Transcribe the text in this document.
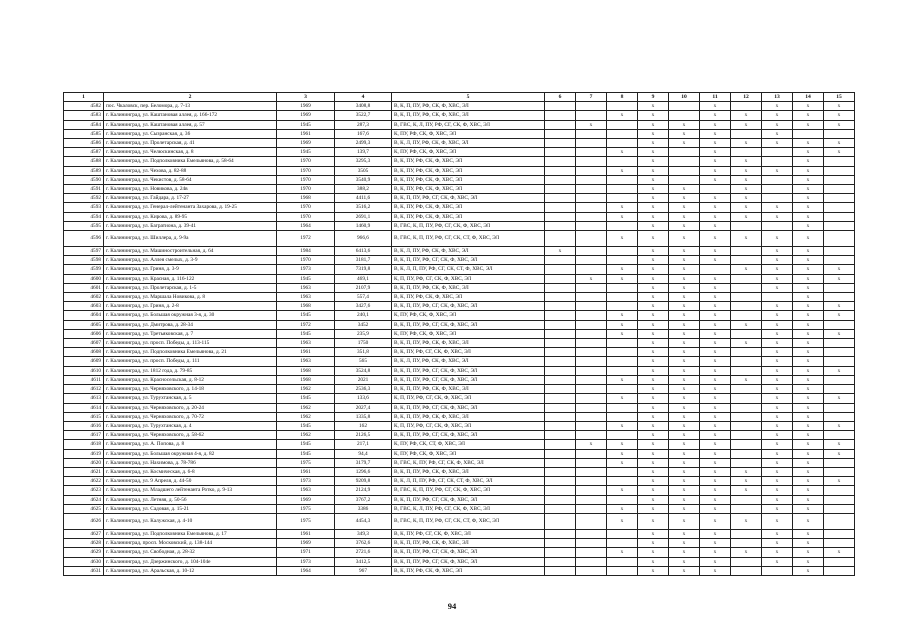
1	2	3	4	5	6	7	8	9	10	11	12	13	14	15
4582	пос. Чкаловск, пер. Беломора, д. 7-13	1969	3408,8	В, К, П, ПУ, РФ, СК, Ф, ХВС, ЭЛ				x		x		x	x	x
4583	г. Калининград, ул. Каштановая аллея, д. 166-172	1969	3522,7	В, К, П, ПУ, РФ, СК, Ф, ХВС, ЭЛ			x	x		x	x	x	x	x
4584	г. Калининград, ул. Каштановая аллея, д. 57	1945	287,3	В, ГВС, К, Л, ПУ, РФ, СГ, СК, Ф, ХВС, ЭЛ		x		x	x	x	x	x	x	x
4585	г. Калининград, ул. Сызранская, д. 36	1961	167,6	К, ПУ, РФ, СК, Ф, ХВС, ЭЛ				x	x	x		x		
4586	г. Калининград, ул. Пролетарская, д. 41	1969	2499,3	В, К, Л, ПУ, РФ, СК, Ф, ХВС, ЭЛ				x	x	x	x	x	x	x
4587	г. Калининград, ул. Челюскинская, д. 8	1945	139,7	К, ПУ, РФ, СК, Ф, ХВС, ЭЛ			x	x		x			x	x
4588	г. Калининград, ул. Подполковника Емельянова, д. 58-64	1970	3295,3	В, К, ПУ, РФ, СК, Ф, ХВС, ЭЛ				x		x	x		x	
4589	г. Калининград, ул. Чехова, д. 82-88	1970	3505	В, К, ПУ, РФ, СК, Ф, ХВС, ЭЛ			x	x		x	x	x	x	
4590	г. Калининград, ул. Чекистов, д. 58-64	1970	3540,9	В, К, ПУ, РФ, СК, Ф, ХВС, ЭЛ				x		x	x		x	
4591	г. Калининград, ул. Новикова, д. 24в	1970	388,2	В, К, ПУ, РФ, СК, Ф, ХВС, ЭЛ				x	x		x		x	
4592	г. Калининград, ул. Гайдара, д. 17-27	1968	4411,6	В, К, П, ПУ, РФ, СГ, СК, Ф, ХВС, ЭЛ				x	x	x	x		x	
4593	г. Калининград, ул. Генерал-лейтенанта Захарова, д. 19-25	1970	3516,2	В, К, ПУ, РФ, СК, Ф, ХВС, ЭЛ			x	x	x	x	x	x	x	
4594	г. Калининград, ул. Кирова, д. 89-95	1970	2691,1	В, К, ПУ, РФ, СК, Ф, ХВС, ЭЛ			x	x	x	x	x	x	x	
4595	г. Калининград, ул. Багратиона, д. 39-41	1964	1460,9	В, ГВС, К, П, ПУ, РФ, СГ, СК, Ф, ХВС, ЭЛ				x	x	x			x	
4596	г. Калининград, ул. Шиллера, д. 9-9а	1972	966,6	В, ГВС, К, П, ПУ, РФ, СГ, СК, СТ, Ф, ХВС, ЭЛ			x	x	x	x	x	x	x	
4597	г. Калининград, ул. Машиностроительная, д. 64	1984	6413,6	В, К, Л, ПУ, РФ, СК, Ф, ХВС, ЭЛ	x			x	x	x		x	x	
4598	г. Калининград, ул. Аллея смелых, д. 3-9	1970	3181,7	В, К, П, ПУ, РФ, СГ, СК, Ф, ХВС, ЭЛ				x	x	x		x	x	
4599	г. Калининград, ул. Гриня, д. 3-9	1973	7319,8	В, К, Л, П, ПУ, РФ, СГ, СК, СТ, Ф, ХВС, ЭЛ			x	x	x		x	x	x	x
4600	г. Калининград, ул. Красная, д. 116-122	1945	469,1	К, П, ПУ, РФ, СГ, СК, Ф, ХВС, ЭЛ		x	x	x	x	x		x	x	x
4601	г. Калининград, ул. Пролетарская, д. 1-5	1963	2107,9	В, К, П, ПУ, РФ, СК, Ф, ХВС, ЭЛ				x	x	x		x	x	
4602	г. Калининград, ул. Маршала Новикова, д. 8	1963	557,4	В, К, ПУ, РФ, СК, Ф, ХВС, ЭЛ				x	x	x			x	
4603	г. Калининград, ул. Гриня, д. 2-8	1968	3427,6	В, К, П, ПУ, РФ, СГ, СК, Ф, ХВС, ЭЛ				x	x	x		x	x	x
4604	г. Калининград, ул. Большая окружная 3-я, д. 30	1945	240,1	К, ПУ, РФ, СК, Ф, ХВС, ЭЛ			x	x	x	x		x	x	x
4605	г. Калининград, ул. Дмитрова, д. 28-34	1972	3452	В, К, П, ПУ, РФ, СГ, СК, Ф, ХВС, ЭЛ			x	x	x	x	x	x	x	
4606	г. Калининград, ул. Третьяковская, д. 7	1945	235,9	К, ПУ, РФ, СК, Ф, ХВС, ЭЛ			x	x	x	x		x	x	x
4607	г. Калининград, ул. просп. Победы, д. 113-115	1963	1750	В, К, П, ПУ, РФ, СК, Ф, ХВС, ЭЛ				x	x	x	x	x	x	
4608	г. Калининград, ул. Подполковника Емельянова, д. 21	1961	351,8	В, К, ПУ, РФ, СГ, СК, Ф, ХВС, ЭЛ				x	x	x		x	x	
4609	г. Калининград, ул. просп. Победы, д. 111	1963	565	В, К, Л, ПУ, РФ, СК, Ф, ХВС, ЭЛ				x	x	x		x	x	
4610	г. Калининград, ул. 1812 года, д. 79-85	1968	3524,8	В, К, П, ПУ, РФ, СГ, СК, Ф, ХВС, ЭЛ				x	x	x		x	x	x
4611	г. Калининград, ул. Красносельская, д. 8-12	1968	2021	В, К, П, ПУ, РФ, СГ, СК, Ф, ХВС, ЭЛ			x	x	x	x	x	x	x	
4612	г. Калининград, ул. Черняховского, д. 14-18	1962	2536,3	В, К, П, ПУ, РФ, СК, Ф, ХВС, ЭЛ				x	x	x		x	x	
4613	г. Калининград, ул. Турухтанская, д. 5	1945	133,6	К, П, ПУ, РФ, СГ, СК, Ф, ХВС, ЭЛ			x	x	x	x		x	x	x
4614	г. Калининград, ул. Черняховского, д. 20-24	1962	2027,4	В, К, П, ПУ, РФ, СГ, СК, Ф, ХВС, ЭЛ				x	x	x		x	x	
4615	г. Калининград, ул. Черняховского, д. 70-72	1962	1335,8	В, К, П, ПУ, РФ, СК, Ф, ХВС, ЭЛ				x	x	x		x	x	
4616	г. Калининград, ул. Турухтанская, д. 4	1945	162	К, П, ПУ, РФ, СГ, СК, Ф, ХВС, ЭЛ			x	x	x	x		x	x	x
4617	г. Калининград, ул. Черняховского, д. 58-62	1962	2126,5	В, К, П, ПУ, РФ, СГ, СК, Ф, ХВС, ЭЛ				x	x	x		x	x	
4618	г. Калининград, ул. А. Попова, д. 8	1945	217,1	К, ПУ, РФ, СК, СТ, Ф, ХВС, ЭЛ		x	x	x	x	x		x	x	x
4619	г. Калининград, ул. Большая окружная 4-я, д. 82	1945	94,4	К, ПУ, РФ, СК, Ф, ХВС, ЭЛ			x	x	x	x		x	x	x
4620	г. Калининград, ул. Нахимова, д. 78-786	1975	3179,7	В, ГВС, К, ПУ, РФ, СГ, СК, Ф, ХВС, ЭЛ			x	x	x	x		x	x	
4621	г. Калининград, ул. Космическая, д. 6-8	1961	1296,6	В, К, П, ПУ, РФ, СК, Ф, ХВС, ЭЛ				x	x	x	x	x	x	
4622	г. Калининград, ул. 9 Апреля, д. 44-50	1973	9209,8	В, К, Л, П, ПУ, РФ, СГ, СК, СТ, Ф, ХВС, ЭЛ				x	x	x	x	x	x	x
4623	г. Калининград, ул. Младшего лейтенанта Ротко, д. 9-13	1963	2124,9	В, ГВС, К, П, ПУ, РФ, СГ, СК, Ф, ХВС, ЭЛ			x	x	x	x	x	x	x	
4624	г. Калининград, ул. Летняя, д. 50-56	1969	3767,2	В, К, П, ПУ, РФ, СГ, СК, Ф, ХВС, ЭЛ				x	x	x		x	x	
4625	г. Калининград, ул. Садовая, д. 15-21	1975	3386	В, ГВС, К, Л, ПУ, РФ, СГ, СК, Ф, ХВС, ЭЛ			x	x	x	x		x	x	
4626	г. Калининград, ул. Калужская, д. 4-10	1975	4454,3	В, ГВС, К, П, ПУ, РФ, СГ, СК, СТ, Ф, ХВС, ЭЛ			x	x	x	x	x	x	x	
4627	г. Калининград, ул. Подполковника Емельянова, д. 17	1961	349,3	В, К, ПУ, РФ, СГ, СК, Ф, ХВС, ЭЛ				x	x	x		x	x	
4628	г. Калининград, просп. Московский, д. 138-144	1969	3762,6	В, К, П, ПУ, РФ, СК, Ф, ХВС, ЭЛ				x	x	x		x	x	
4629	г. Калининград, ул. Свободная, д. 28-32	1971	2721,6	В, К, П, ПУ, РФ, СГ, СК, Ф, ХВС, ЭЛ			x	x	x	x	x	x	x	x
4630	г. Калининград, ул. Дзержинского, д. 104-104е	1973	3412,5	В, К, П, ПУ, РФ, СГ, СК, Ф, ХВС, ЭЛ				x	x	x		x	x	
4631	г. Калининград, ул. Аральская, д. 10-12	1964	967	В, К, ПУ, РФ, СК, Ф, ХВС, ЭЛ				x	x	x			x	
94
